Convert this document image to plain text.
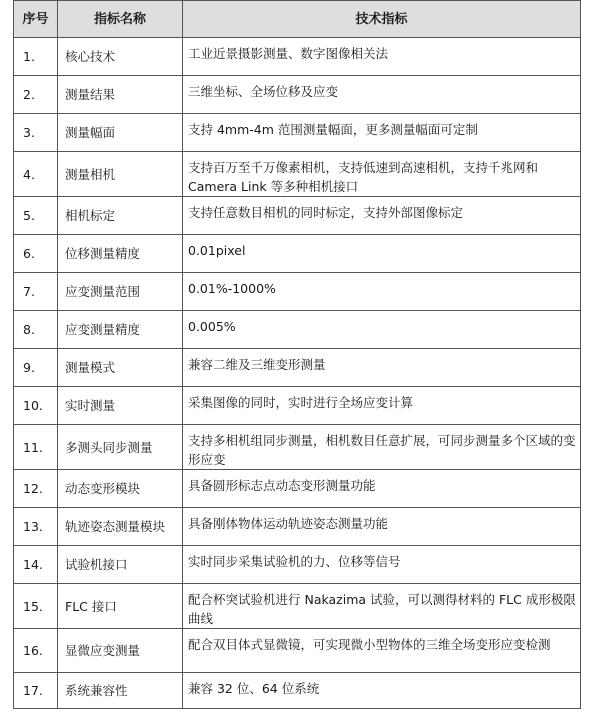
序号	指标名称	技术指标
1.	核心技术	工业近景摄影测量、数字图像相关法
2.	测量结果	三维坐标、全场位移及应变
3.	测量幅面	支持 4mm-4m 范围测量幅面，更多测量幅面可定制
4.	测量相机	支持百万至千万像素相机，支持低速到高速相机，支持千兆网和 Camera Link 等多种相机接口
5.	相机标定	支持任意数目相机的同时标定，支持外部图像标定
6.	位移测量精度	0.01pixel
7.	应变测量范围	0.01%-1000%
8.	应变测量精度	0.005%
9.	测量模式	兼容二维及三维变形测量
10.	实时测量	采集图像的同时，实时进行全场应变计算
11.	多测头同步测量	支持多相机组同步测量，相机数目任意扩展，可同步测量多个区域的变形应变
12.	动态变形模块	具备圆形标志点动态变形测量功能
13.	轨迹姿态测量模块	具备刚体物体运动轨迹姿态测量功能
14.	试验机接口	实时同步采集试验机的力、位移等信号
15.	FLC 接口	配合杯突试验机进行 Nakazima 试验，可以测得材料的 FLC 成形极限曲线
16.	显微应变测量	配合双目体式显微镜，可实现微小型物体的三维全场变形应变检测
17.	系统兼容性	兼容 32 位、64 位系统
